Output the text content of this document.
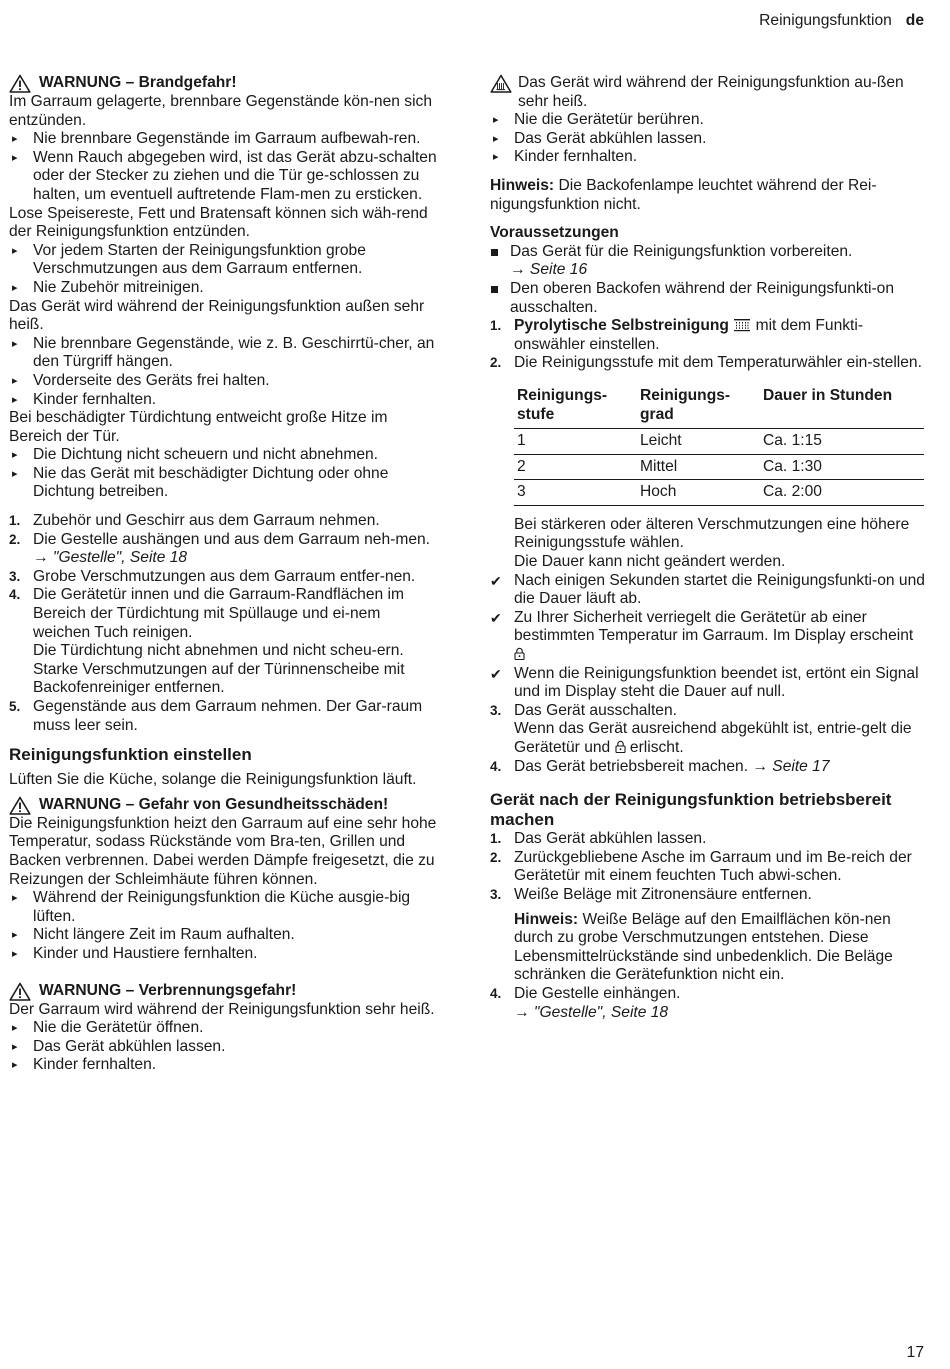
Reinigungsfunktion de

WARNUNG – Brandgefahr!

Im Garraum gelagerte, brennbare Gegenstände kön-nen sich entzünden.

▸ Nie brennbare Gegenstände im Garraum aufbewah-ren.

▸ Wenn Rauch abgegeben wird, ist das Gerät abzu-schalten oder der Stecker zu ziehen und die Tür ge-schlossen zu halten, um eventuell auftretende Flam-men zu ersticken.

Lose Speisereste, Fett und Bratensaft können sich wäh-rend der Reinigungsfunktion entzünden.

▸ Vor jedem Starten der Reinigungsfunktion grobe Verschmutzungen aus dem Garraum entfernen.

▸ Nie Zubehör mitreinigen.

Das Gerät wird während der Reinigungsfunktion außen sehr heiß.

▸ Nie brennbare Gegenstände, wie z. B. Geschirrtü-cher, an den Türgriff hängen.

▸ Vorderseite des Geräts frei halten.

▸ Kinder fernhalten.

Bei beschädigter Türdichtung entweicht große Hitze im Bereich der Tür.

▸ Die Dichtung nicht scheuern und nicht abnehmen.

▸ Nie das Gerät mit beschädigter Dichtung oder ohne Dichtung betreiben.

1. Zubehör und Geschirr aus dem Garraum nehmen.

2. Die Gestelle aushängen und aus dem Garraum neh-men.

→ "Gestelle", Seite 18

3. Grobe Verschmutzungen aus dem Garraum entfer-nen.

4. Die Gerätetür innen und die Garraum-Randflächen im Bereich der Türdichtung mit Spüllauge und ei-nem weichen Tuch reinigen.

Die Türdichtung nicht abnehmen und nicht scheu-ern.

Starke Verschmutzungen auf der Türinnenscheibe mit Backofenreiniger entfernen.

5. Gegenstände aus dem Garraum nehmen. Der Gar-raum muss leer sein.

Reinigungsfunktion einstellen

Lüften Sie die Küche, solange die Reinigungsfunktion läuft.

WARNUNG – Gefahr von Gesundheitsschäden!

Die Reinigungsfunktion heizt den Garraum auf eine sehr hohe Temperatur, sodass Rückstände vom Bra-ten, Grillen und Backen verbrennen. Dabei werden Dämpfe freigesetzt, die zu Reizungen der Schleimhäute führen können.

▸ Während der Reinigungsfunktion die Küche ausgie-big lüften.

▸ Nicht längere Zeit im Raum aufhalten.

▸ Kinder und Haustiere fernhalten.

WARNUNG – Verbrennungsgefahr!

Der Garraum wird während der Reinigungsfunktion sehr heiß.

▸ Nie die Gerätetür öffnen.

▸ Das Gerät abkühlen lassen.

▸ Kinder fernhalten.

Das Gerät wird während der Reinigungsfunktion au-ßen sehr heiß.

▸ Nie die Gerätetür berühren.

▸ Das Gerät abkühlen lassen.

▸ Kinder fernhalten.

Hinweis: Die Backofenlampe leuchtet während der Rei-nigungsfunktion nicht.

Voraussetzungen

Das Gerät für die Reinigungsfunktion vorbereiten.

→ Seite 16

Den oberen Backofen während der Reinigungsfunkti-on ausschalten.

1. Pyrolytische Selbstreinigung mit dem Funkti-onswähler einstellen.

2. Die Reinigungsstufe mit dem Temperaturwähler ein-stellen.

Reinigungs-stufe	Reinigungs-grad	Dauer in Stunden
1	Leicht	Ca. 1:15
2	Mittel	Ca. 1:30
3	Hoch	Ca. 2:00

Bei stärkeren oder älteren Verschmutzungen eine höhere Reinigungsstufe wählen.

Die Dauer kann nicht geändert werden.

✔ Nach einigen Sekunden startet die Reinigungsfunkti-on und die Dauer läuft ab.

✔ Zu Ihrer Sicherheit verriegelt die Gerätetür ab einer bestimmten Temperatur im Garraum. Im Display erscheint

✔ Wenn die Reinigungsfunktion beendet ist, ertönt ein Signal und im Display steht die Dauer auf null.

3. Das Gerät ausschalten.

Wenn das Gerät ausreichend abgekühlt ist, entrie-gelt die Gerätetür und erlischt.

4. Das Gerät betriebsbereit machen. → Seite 17

Gerät nach der Reinigungsfunktion betriebsbereit machen

1. Das Gerät abkühlen lassen.

2. Zurückgebliebene Asche im Garraum und im Be-reich der Gerätetür mit einem feuchten Tuch abwi-schen.

3. Weiße Beläge mit Zitronensäure entfernen.

Hinweis: Weiße Beläge auf den Emailflächen kön-nen durch zu grobe Verschmutzungen entstehen. Diese Lebensmittelrückstände sind unbedenklich. Die Beläge schränken die Gerätefunktion nicht ein.

4. Die Gestelle einhängen.

→ "Gestelle", Seite 18

17
